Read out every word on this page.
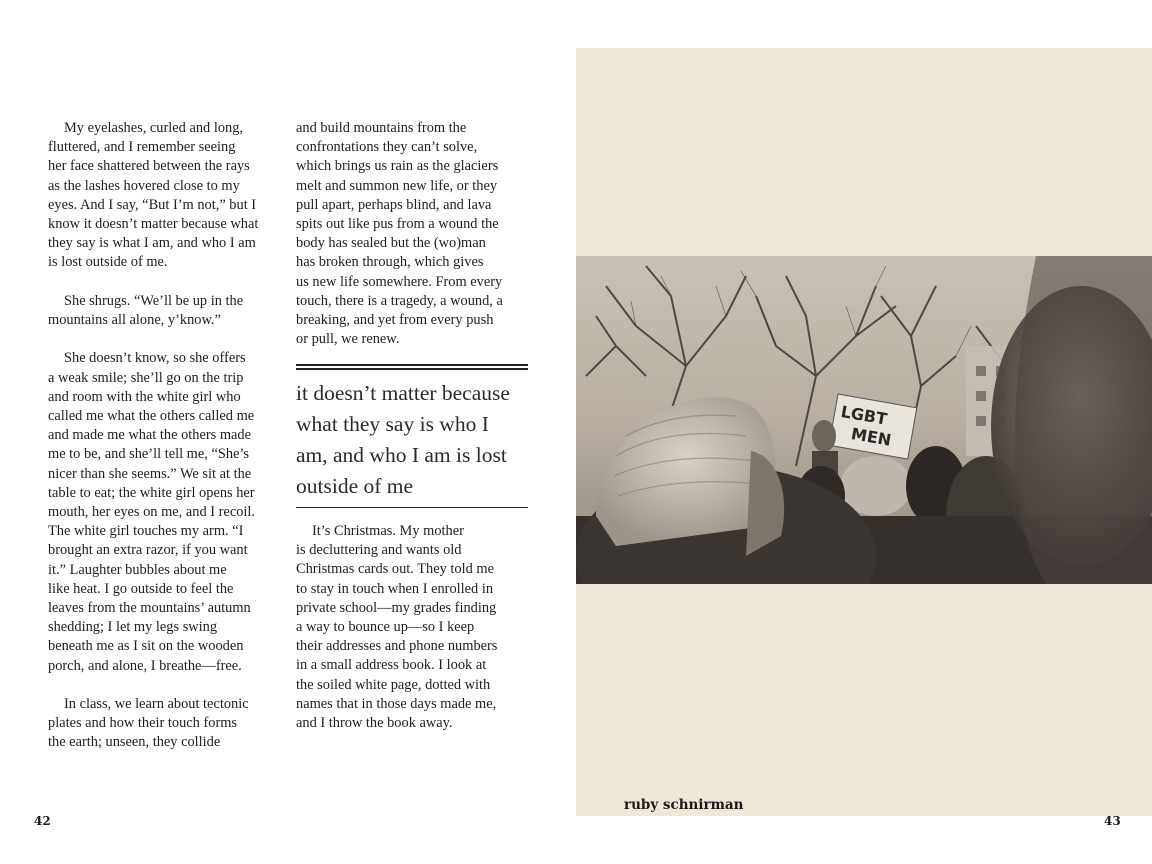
My eyelashes, curled and long,
fluttered, and I remember seeing
her face shattered between the rays
as the lashes hovered close to my
eyes. And I say, “But I’m not,” but I
know it doesn’t matter because what
they say is what I am, and who I am
is lost outside of me.
She shrugs. “We’ll be up in the
mountains all alone, y’know.”
She doesn’t know, so she offers
a weak smile; she’ll go on the trip
and room with the white girl who
called me what the others called me
and made me what the others made
me to be, and she’ll tell me, “She’s
nicer than she seems.” We sit at the
table to eat; the white girl opens her
mouth, her eyes on me, and I recoil.
The white girl touches my arm. “I
brought an extra razor, if you want
it.” Laughter bubbles about me
like heat. I go outside to feel the
leaves from the mountains’ autumn
shedding; I let my legs swing
beneath me as I sit on the wooden
porch, and alone, I breathe—free.
In class, we learn about tectonic
plates and how their touch forms
the earth; unseen, they collide
and build mountains from the
confrontations they can’t solve,
which brings us rain as the glaciers
melt and summon new life, or they
pull apart, perhaps blind, and lava
spits out like pus from a wound the
body has sealed but the (wo)man
has broken through, which gives
us new life somewhere. From every
touch, there is a tragedy, a wound, a
breaking, and yet from every push
or pull, we renew.
it doesn’t matter because
what they say is who I
am, and who I am is lost
outside of me
It’s Christmas. My mother
is decluttering and wants old
Christmas cards out. They told me
to stay in touch when I enrolled in
private school—my grades finding
a way to bounce up—so I keep
their addresses and phone numbers
in a small address book. I look at
the soiled white page, dotted with
names that in those days made me,
and I throw the book away.
LGBT
MEN
ruby schnirman
42	43
